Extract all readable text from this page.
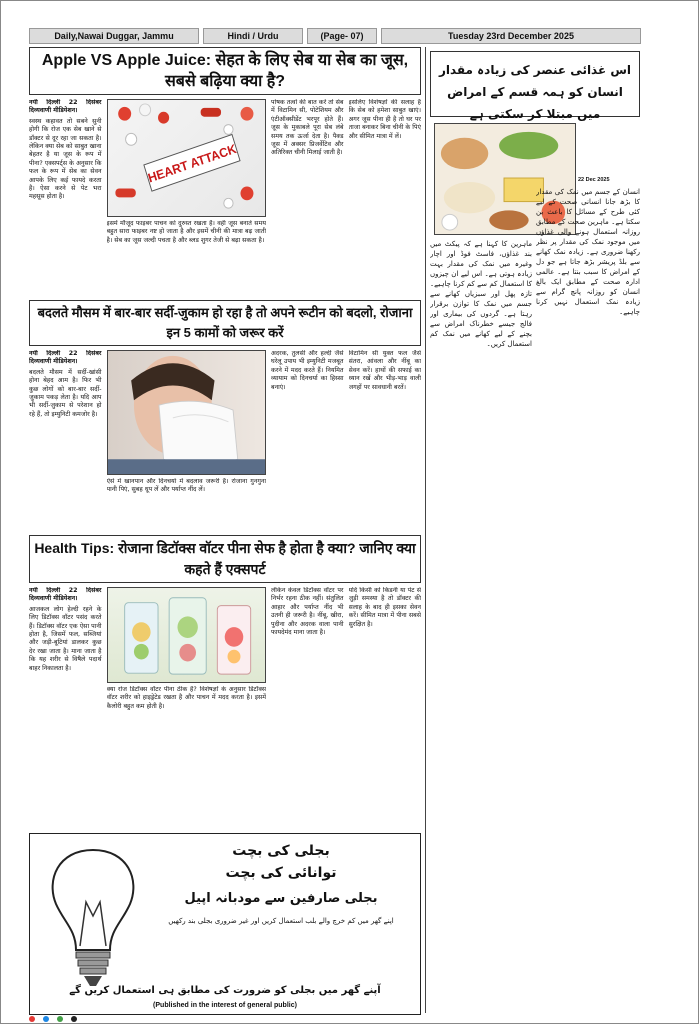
Daily,Nawai Duggar, Jammu	Hindi / Urdu	(Page- 07)	Tuesday 23rd December 2025
Apple VS Apple Juice: सेहत के लिए सेब या सेब का जूस, सबसे बढ़िया क्या है?

नयी दिल्ली 22 दिसंबर दिव्यवाणी मीडियेशन।

स्वस्थ कहावत तो सबने सुनी होगी कि रोज एक सेब खाने से डॉक्टर से दूर रहा जा सकता है। लेकिन क्या सेब को साबुत खाना बेहतर है या जूस के रूप में पीना? एक्सपर्ट्स के अनुसार कि फल के रूप में सेब का सेवन आपके लिए कई फायदे करता है। ऐसा करने से पेट भरा महसूस होता है।

HEART ATTACK
इसमें मौजूद फाइबर पाचन को दुरुस्त रखता है। वहीं जूस बनाते समय बहुत सारा फाइबर नष्ट हो जाता है और इसमें चीनी की मात्रा बढ़ जाती है। सेब का जूस जल्दी पचता है और ब्लड शुगर तेजी से बढ़ा सकता है।
पोषक तत्वों की बात करें तो सेब में विटामिन सी, पोटेशियम और एंटीऑक्सीडेंट भरपूर होते हैं। जूस के मुकाबले पूरा सेब लंबे समय तक ऊर्जा देता है। पैक्ड जूस में अक्सर प्रिजर्वेटिव और अतिरिक्त चीनी मिलाई जाती है।
इसलिए विशेषज्ञों की सलाह है कि सेब को हमेशा साबुत खाएं। अगर जूस पीना ही है तो घर पर ताजा बनाकर बिना चीनी के पिएं और सीमित मात्रा में लें।
बदलते मौसम में बार-बार सर्दी-जुकाम हो रहा है तो अपने रूटीन को बदलो, रोजाना इन 5 कामों को जरूर करें

नयी दिल्ली 22 दिसंबर दिव्यवाणी मीडियेशन।

बदलते मौसम में सर्दी-खांसी होना बेहद आम है। फिर भी कुछ लोगों को बार-बार सर्दी-जुकाम पकड़ लेता है। यदि आप भी सर्दी-जुकाम से परेशान हो रहे हैं, तो इम्युनिटी कमजोर है।

ऐसे में खानपान और दिनचर्या में बदलाव जरूरी है। रोजाना गुनगुना पानी पिएं, सुबह धूप लें और पर्याप्त नींद लें।
अदरक, तुलसी और हल्दी जैसे घरेलू उपाय भी इम्युनिटी मजबूत करने में मदद करते हैं। नियमित व्यायाम को दिनचर्या का हिस्सा बनाएं।
विटामिन सी युक्त फल जैसे संतरा, आंवला और नींबू का सेवन करें। हाथों की सफाई का ध्यान रखें और भीड़-भाड़ वाली जगहों पर सावधानी बरतें।
Health Tips: रोजाना डिटॉक्स वॉटर पीना सेफ है होता है क्या? जानिए क्या कहते हैं एक्सपर्ट

नयी दिल्ली 22 दिसंबर दिव्यवाणी मीडियेशन।

आजकल लोग हेल्दी रहने के लिए डिटॉक्स वॉटर पसंद करते हैं। डिटॉक्स वॉटर एक ऐसा पानी होता है, जिसमें फल, सब्जियां और जड़ी-बूटियां डालकर कुछ देर रखा जाता है। माना जाता है कि यह शरीर से विषैले पदार्थ बाहर निकालता है।

क्या रोज डिटॉक्स वॉटर पीना ठीक है? विशेषज्ञों के अनुसार डिटॉक्स वॉटर शरीर को हाइड्रेटेड रखता है और पाचन में मदद करता है। इसमें कैलोरी बहुत कम होती है।
लेकिन केवल डिटॉक्स वॉटर पर निर्भर रहना ठीक नहीं। संतुलित आहार और पर्याप्त नींद भी उतनी ही जरूरी है। नींबू, खीरा, पुदीना और अदरक वाला पानी फायदेमंद माना जाता है।
यदि किसी को किडनी या पेट से जुड़ी समस्या है तो डॉक्टर की सलाह के बाद ही इसका सेवन करें। सीमित मात्रा में पीना सबसे सुरक्षित है।
بجلی کی بچت
توانائی کی بچت
بجلی صارفین سے مودبانہ اپیل
اپنے گھر میں کم خرچ والے بلب استعمال کریں اور غیر ضروری بجلی بند رکھیں
آپنے گھر میں بجلی کو ضرورت کی مطابق ہی استعمال کریں گے
(Published in the interest of general public)
اس غذائی عنصر کی زیادہ مقدار انسان کو ہمہ قسم کے امراض میں مبتلا کر سکتی ہے
22 Dec 2025
انسان کے جسم میں نمک کی مقدار کا بڑھ جانا انسانی صحت کے لیے کئی طرح کے مسائل کا باعث بن سکتا ہے۔ ماہرین صحت کے مطابق روزانہ استعمال ہونے والی غذاؤں میں موجود نمک کی مقدار پر نظر رکھنا ضروری ہے۔ زیادہ نمک کھانے سے بلڈ پریشر بڑھ جاتا ہے جو دل کے امراض کا سبب بنتا ہے۔ عالمی ادارہ صحت کے مطابق ایک بالغ انسان کو روزانہ پانچ گرام سے زیادہ نمک استعمال نہیں کرنا چاہیے۔
ماہرین کا کہنا ہے کہ پیکٹ میں بند غذاؤں، فاسٹ فوڈ اور اچار وغیرہ میں نمک کی مقدار بہت زیادہ ہوتی ہے۔ اس لیے ان چیزوں کا استعمال کم سے کم کرنا چاہیے۔ تازہ پھل اور سبزیاں کھانے سے جسم میں نمک کا توازن برقرار رہتا ہے۔ گردوں کی بیماری اور فالج جیسے خطرناک امراض سے بچنے کے لیے کھانے میں نمک کم استعمال کریں۔
